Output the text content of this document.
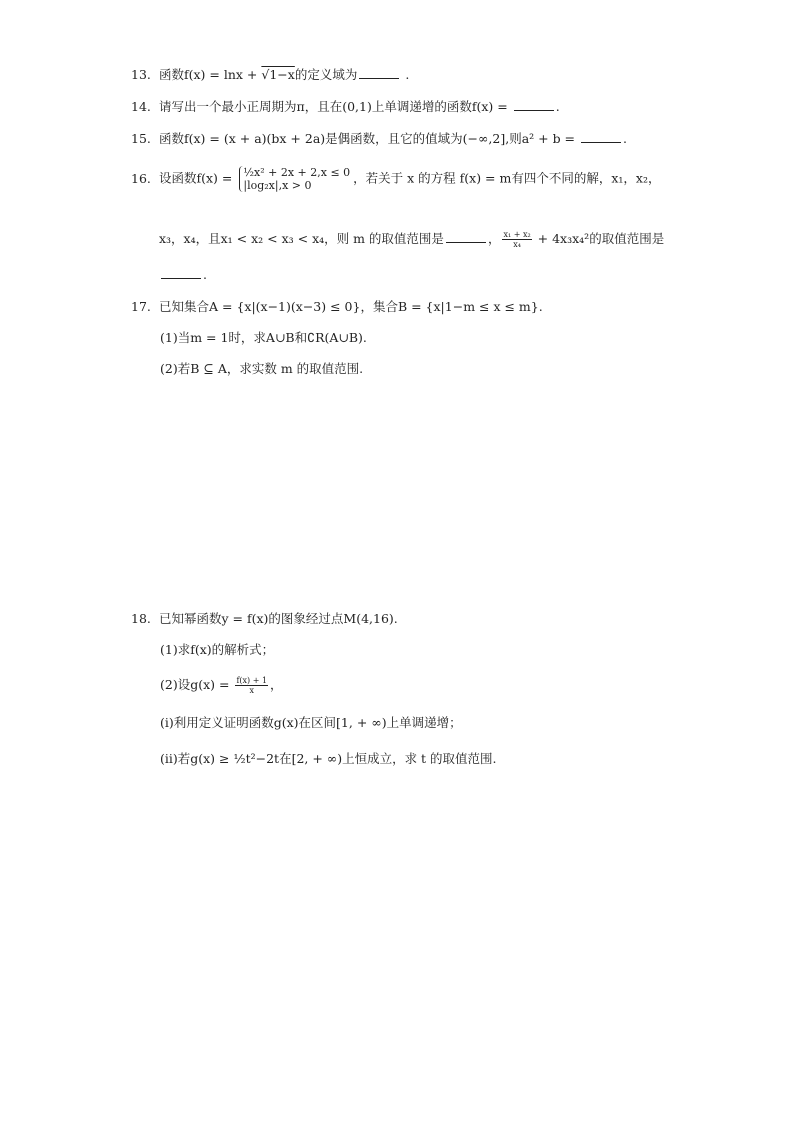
13. 函数f(x) = lnx + √1−x的定义域为	.
14. 请写出一个最小正周期为π，且在(0,1)上单调递增的函数f(x) =	.
15. 函数f(x) = (x + a)(bx + 2a)是偶函数，且它的值域为(−∞,2],则a² + b =	.
16. 设函数f(x) = ½x² + 2x + 2,x ≤ 0
|log₂x|,x > 0	，若关于 x 的方程 f(x) = m有四个不同的解，x₁，x₂，
x₃，x₄，且x₁ < x₂ < x₃ < x₄，则 m 的取值范围是	， $\frac{\text{x₁ + x₂}}{\text{x₄}} + 4x_3x_4^2$的取值范围是
.
17. 已知集合A = {x|(x−1)(x−3) ≤ 0}，集合B = {x|1−m ≤ x ≤ m}.
(1)当m = 1时，求A∪B和∁R(A∪B).
(2)若B ⊆ A，求实数 m 的取值范围.
18. 已知幂函数y = f(x)的图象经过点M(4,16).
(1)求f(x)的解析式；
(2)设$g(x) = \frac{f(x) + 1}{x}$ ，
(i)利用定义证明函数g(x)在区间[1, + ∞)上单调递增；
(ii)若g(x) ≥ ½t²−2t在[2, + ∞)上恒成立，求 t 的取值范围.
